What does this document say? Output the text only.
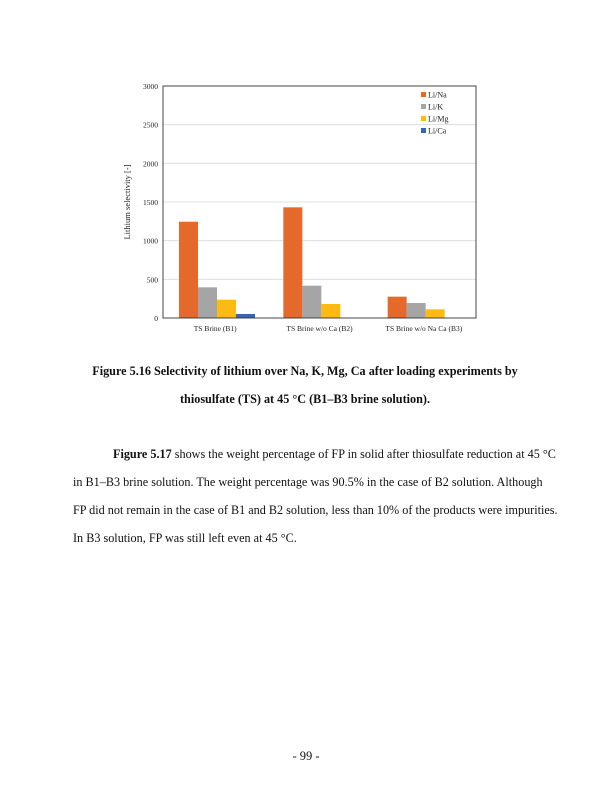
0
500
1000
1500
2000
2500
3000
Lithium selectivity [-]
TS Brine (B1)	TS Brine w/o Ca (B2)	TS Brine w/o Na Ca (B3)
Li/Na
Li/K
Li/Mg
Li/Ca
Figure 5.16 Selectivity of lithium over Na, K, Mg, Ca after loading experiments by
thiosulfate (TS) at 45 °C (B1–B3 brine solution).
Figure 5.17 shows the weight percentage of FP in solid after thiosulfate reduction at 45 °C
in B1–B3 brine solution. The weight percentage was 90.5% in the case of B2 solution. Although
FP did not remain in the case of B1 and B2 solution, less than 10% of the products were impurities.
In B3 solution, FP was still left even at 45 °C.
- 99 -
